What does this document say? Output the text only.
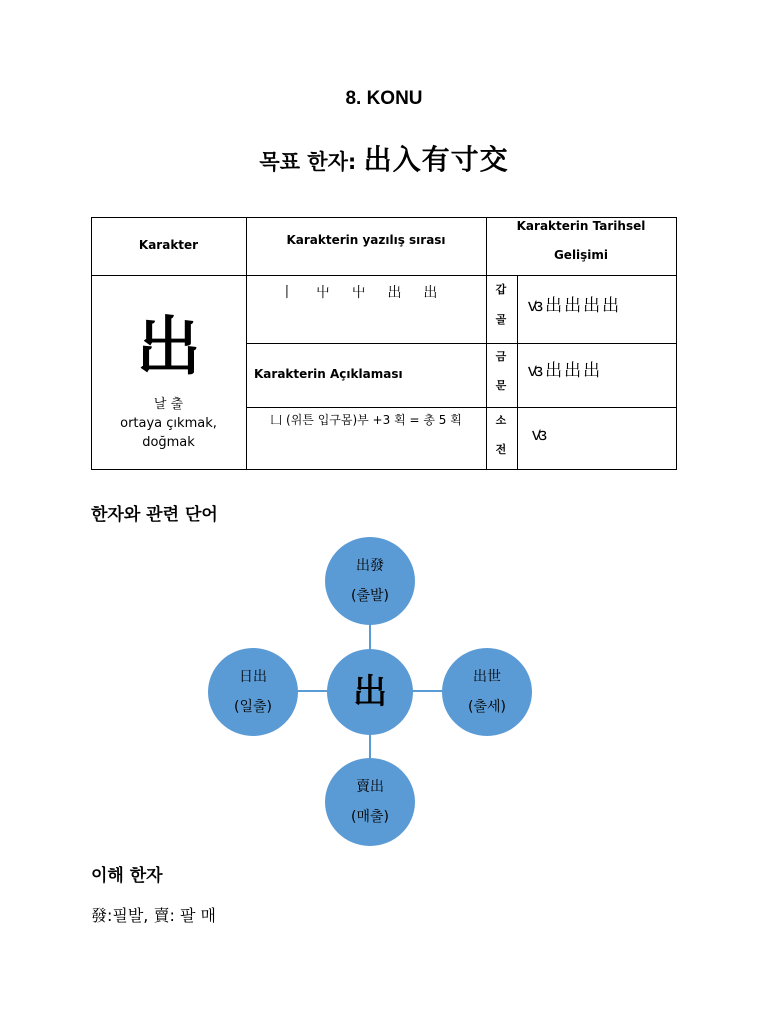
8. KONU
목표 한자: 出入有寸交
Karakter	Karakterin yazılış sırası
Karakterin Tarihsel
Gelişimi
出
날 출
ortaya çıkmak,
doğmak
丨 屮 屮 出 出
Karakterin Açıklaması
凵 (위튼 입구몸)부 +3 획 = 총 5 획
갑
골
금
문
소
전
ꟃ出出出出
ꟃ出出出
ꟃ
한자와 관련 단어
出發
(출발)
出
日出
(일출)
出世
(출세)
賣出
(매출)
이해 한자
發:필발, 賣: 팔 매
